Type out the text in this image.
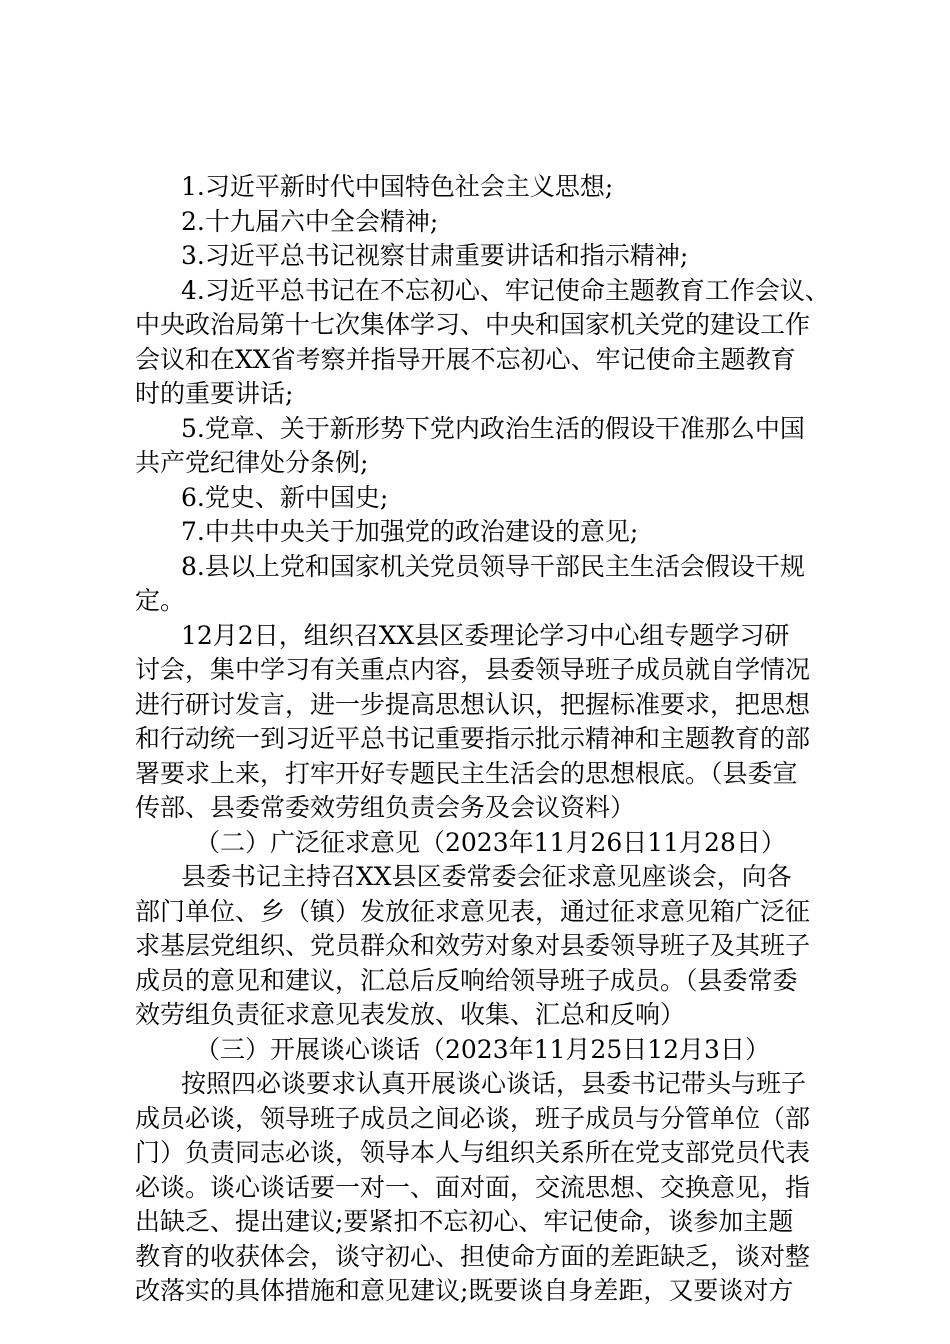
1.习近平新时代中国特色社会主义思想;

2.十九届六中全会精神;

3.习近平总书记视察甘肃重要讲话和指示精神;

4.习近平总书记在不忘初心、牢记使命主题教育工作会议、

中央政治局第十七次集体学习、中央和国家机关党的建设工作

会议和在XX省考察并指导开展不忘初心、牢记使命主题教育

时的重要讲话;

5.党章、关于新形势下党内政治生活的假设干准那么中国

共产党纪律处分条例;

6.党史、新中国史;

7.中共中央关于加强党的政治建设的意见;

8.县以上党和国家机关党员领导干部民主生活会假设干规

定。

12月2日，组织召XX县区委理论学习中心组专题学习研

讨会，集中学习有关重点内容，县委领导班子成员就自学情况

进行研讨发言，进一步提高思想认识，把握标准要求，把思想

和行动统一到习近平总书记重要指示批示精神和主题教育的部

署要求上来，打牢开好专题民主生活会的思想根底。（县委宣

传部、县委常委效劳组负责会务及会议资料）

（二）广泛征求意见（2023年11月26日11月28日）

县委书记主持召XX县区委常委会征求意见座谈会，向各

部门单位、乡（镇）发放征求意见表，通过征求意见箱广泛征

求基层党组织、党员群众和效劳对象对县委领导班子及其班子

成员的意见和建议，汇总后反响给领导班子成员。（县委常委

效劳组负责征求意见表发放、收集、汇总和反响）

（三）开展谈心谈话（2023年11月25日12月3日）

按照四必谈要求认真开展谈心谈话，县委书记带头与班子

成员必谈，领导班子成员之间必谈，班子成员与分管单位（部

门）负责同志必谈，领导本人与组织关系所在党支部党员代表

必谈。谈心谈话要一对一、面对面，交流思想、交换意见，指

出缺乏、提出建议;要紧扣不忘初心、牢记使命，谈参加主题

教育的收获体会，谈守初心、担使命方面的差距缺乏，谈对整

改落实的具体措施和意见建议;既要谈自身差距，又要谈对方
